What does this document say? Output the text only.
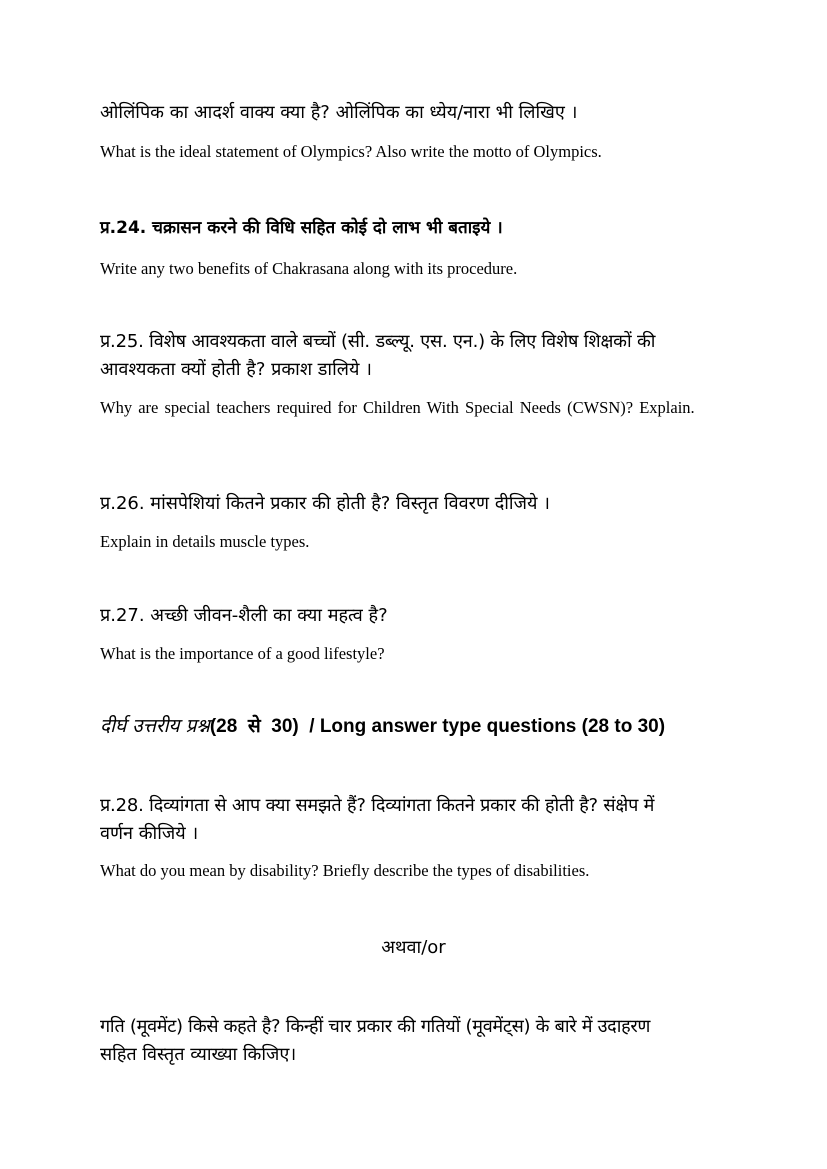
ओलिंपिक का आदर्श वाक्य क्या है? ओलिंपिक का ध्येय/नारा भी लिखिए ।
What is the ideal statement of Olympics? Also write the motto of Olympics.
प्र.24. चक्रासन करने की विधि सहित कोई दो लाभ भी बताइये ।
Write any two benefits of Chakrasana along with its procedure.
प्र.25. विशेष आवश्यकता वाले बच्चों (सी. डब्ल्यू. एस. एन.) के लिए विशेष शिक्षकों की
आवश्यकता क्यों होती है? प्रकाश डालिये ।
Why are special teachers required for Children With Special Needs (CWSN)? Explain.
प्र.26. मांसपेशियां कितने प्रकार की होती है? विस्तृत विवरण दीजिये ।
Explain in details muscle types.
प्र.27. अच्छी जीवन-शैली का क्या महत्व है?
What is the importance of a good lifestyle?
दीर्घ उत्तरीय प्रश्न(28  से  30)  / Long answer type questions (28 to 30)
प्र.28. दिव्यांगता से आप क्या समझते हैं? दिव्यांगता कितने प्रकार की होती है? संक्षेप में
वर्णन कीजिये ।
What do you mean by disability? Briefly describe the types of disabilities.
अथवा/or
गति (मूवमेंट) किसे कहते है? किन्हीं चार प्रकार की गतियों (मूवमेंट्स) के बारे में उदाहरण
सहित विस्तृत व्याख्या किजिए।
